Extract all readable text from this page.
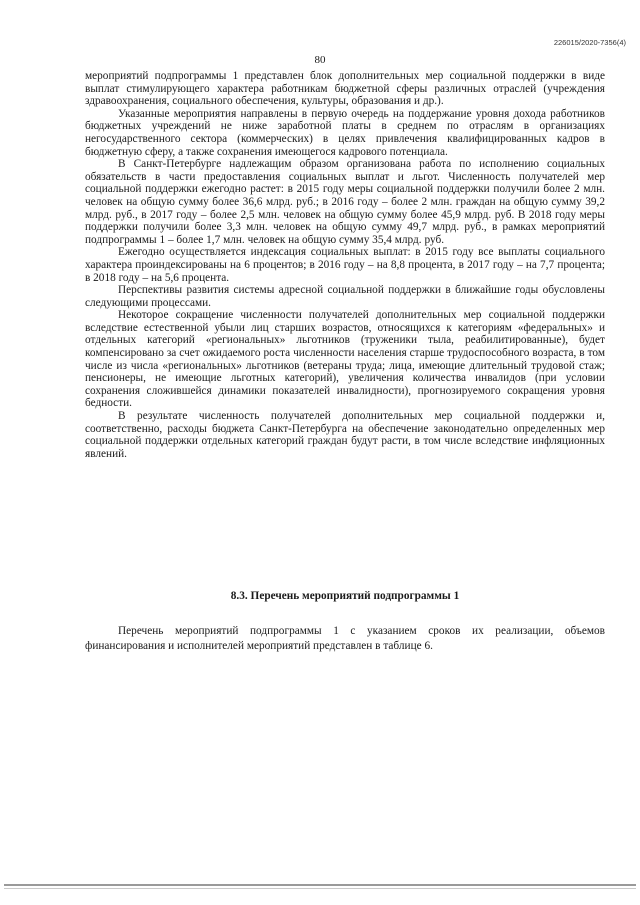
226015/2020-7356(4)
80

мероприятий подпрограммы 1 представлен блок дополнительных мер социальной поддержки в виде выплат стимулирующего характера работникам бюджетной сферы различных отраслей (учреждения здравоохранения, социального обеспечения, культуры, образования и др.).

Указанные мероприятия направлены в первую очередь на поддержание уровня дохода работников бюджетных учреждений не ниже заработной платы в среднем по отраслям в организациях негосударственного сектора (коммерческих) в целях привлечения квалифицированных кадров в бюджетную сферу, а также сохранения имеющегося кадрового потенциала.

В Санкт-Петербурге надлежащим образом организована работа по исполнению социальных обязательств в части предоставления социальных выплат и льгот. Численность получателей мер социальной поддержки ежегодно растет: в 2015 году меры социальной поддержки получили более 2 млн. человек на общую сумму более 36,6 млрд. руб.; в 2016 году – более 2 млн. граждан на общую сумму 39,2 млрд. руб., в 2017 году – более 2,5 млн. человек на общую сумму более 45,9 млрд. руб. В 2018 году меры поддержки получили более 3,3 млн. человек на общую сумму 49,7 млрд. руб., в рамках мероприятий подпрограммы 1 – более 1,7 млн. человек на общую сумму 35,4 млрд. руб.

Ежегодно осуществляется индексация социальных выплат: в 2015 году все выплаты социального характера проиндексированы на 6 процентов; в 2016 году – на 8,8 процента, в 2017 году – на 7,7 процента; в 2018 году – на 5,6 процента.

Перспективы развития системы адресной социальной поддержки в ближайшие годы обусловлены следующими процессами.

Некоторое сокращение численности получателей дополнительных мер социальной поддержки вследствие естественной убыли лиц старших возрастов, относящихся к категориям «федеральных» и отдельных категорий «региональных» льготников (труженики тыла, реабилитированные), будет компенсировано за счет ожидаемого роста численности населения старше трудоспособного возраста, в том числе из числа «региональных» льготников (ветераны труда; лица, имеющие длительный трудовой стаж; пенсионеры, не имеющие льготных категорий), увеличения количества инвалидов (при условии сохранения сложившейся динамики показателей инвалидности), прогнозируемого сокращения уровня бедности.

В результате численность получателей дополнительных мер социальной поддержки и, соответственно, расходы бюджета Санкт-Петербурга на обеспечение законодательно определенных мер социальной поддержки отдельных категорий граждан будут расти, в том числе вследствие инфляционных явлений.

8.3. Перечень мероприятий подпрограммы 1

Перечень мероприятий подпрограммы 1 с указанием сроков их реализации, объемов финансирования и исполнителей мероприятий представлен в таблице 6.
